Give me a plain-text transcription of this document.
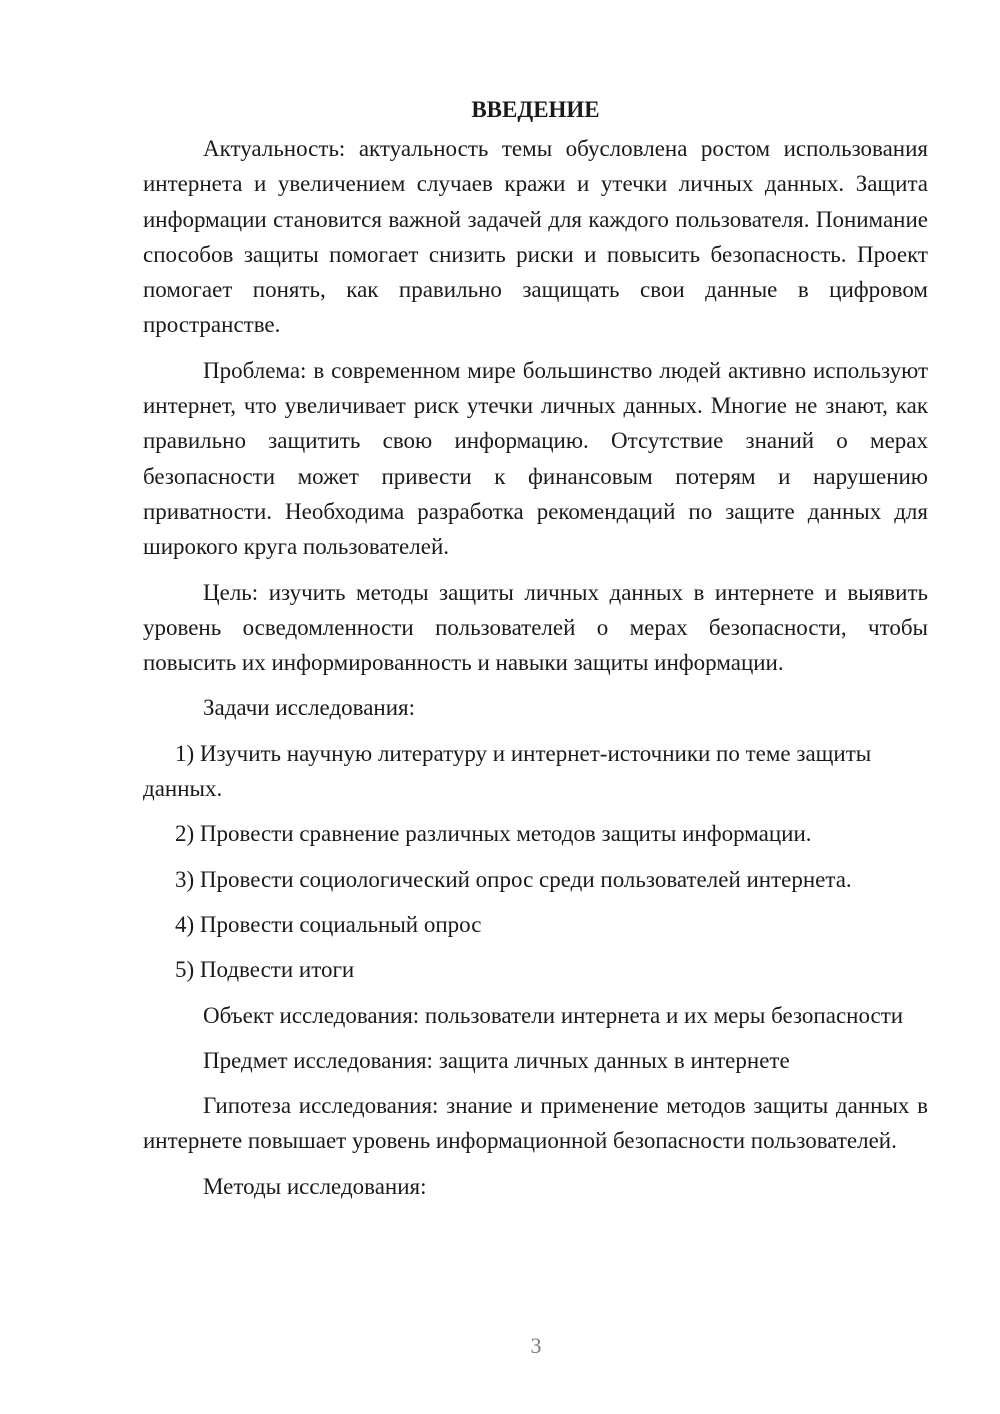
ВВЕДЕНИЕ

Актуальность: актуальность темы обусловлена ростом использования интернета и увеличением случаев кражи и утечки личных данных. Защита информации становится важной задачей для каждого пользователя. Понимание способов защиты помогает снизить риски и повысить безопасность. Проект помогает понять, как правильно защищать свои данные в цифровом пространстве.

Проблема: в современном мире большинство людей активно используют интернет, что увеличивает риск утечки личных данных. Многие не знают, как правильно защитить свою информацию. Отсутствие знаний о мерах безопасности может привести к финансовым потерям и нарушению приватности. Необходима разработка рекомендаций по защите данных для широкого круга пользователей.

Цель: изучить методы защиты личных данных в интернете и выявить уровень осведомленности пользователей о мерах безопасности, чтобы повысить их информированность и навыки защиты информации.

Задачи исследования:

1) Изучить научную литературу и интернет-источники по теме защиты данных.

2) Провести сравнение различных методов защиты информации.

3) Провести социологический опрос среди пользователей интернета.

4) Провести социальный опрос

5) Подвести итоги

Объект исследования: пользователи интернета и их меры безопасности

Предмет исследования: защита личных данных в интернете

Гипотеза исследования: знание и применение методов защиты данных в интернете повышает уровень информационной безопасности пользователей.

Методы исследования:

3
